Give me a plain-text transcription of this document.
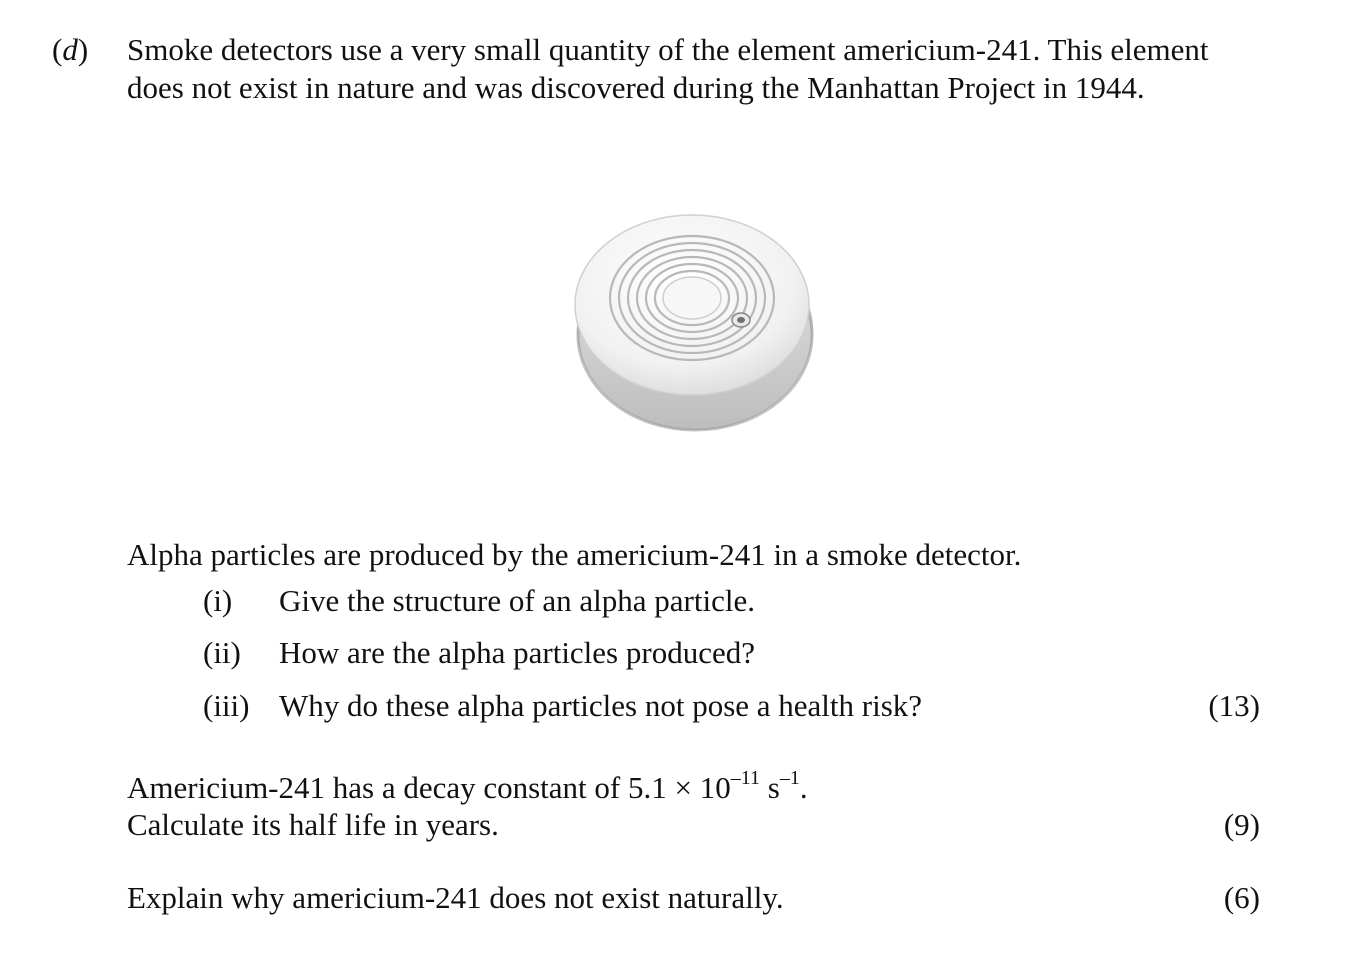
(d) Smoke detectors use a very small quantity of the element americium-241. This element
does not exist in nature and was discovered during the Manhattan Project in 1944.
Alpha particles are produced by the americium-241 in a smoke detector.
(i) Give the structure of an alpha particle.
(ii) How are the alpha particles produced?
(iii) Why do these alpha particles not pose a health risk?	(13)
Americium-241 has a decay constant of $5.1 \times 10^{-11}$ $s^{-1}$.
Calculate its half life in years.	(9)
Explain why americium-241 does not exist naturally.	(6)
